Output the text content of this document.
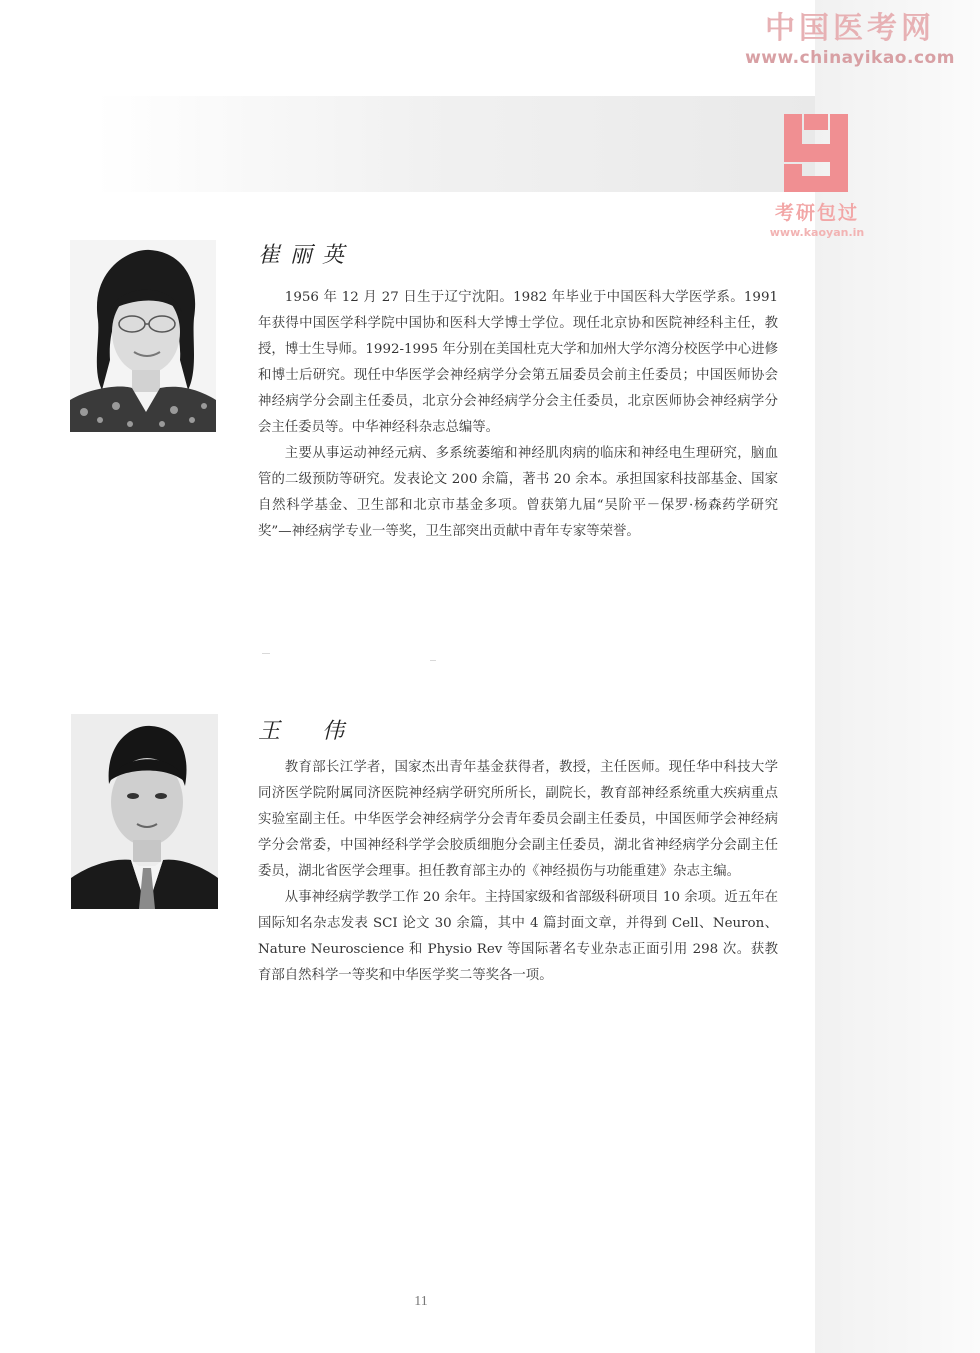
中国医考网
www.chinayikao.com
考研包过
www.kaoyan.in
崔丽英

1956 年 12 月 27 日生于辽宁沈阳。1982 年毕业于中国医科大学医学系。1991 年获得中国医学科学院中国协和医科大学博士学位。现任北京协和医院神经科主任，教授，博士生导师。1992-1995 年分别在美国杜克大学和加州大学尔湾分校医学中心进修和博士后研究。现任中华医学会神经病学分会第五届委员会前主任委员；中国医师协会神经病学分会副主任委员，北京分会神经病学分会主任委员，北京医师协会神经病学分会主任委员等。中华神经科杂志总编等。

主要从事运动神经元病、多系统萎缩和神经肌肉病的临床和神经电生理研究，脑血管的二级预防等研究。发表论文 200 余篇，著书 20 余本。承担国家科技部基金、国家自然科学基金、卫生部和北京市基金多项。曾获第九届“吴阶平－保罗·杨森药学研究奖”—神经病学专业一等奖，卫生部突出贡献中青年专家等荣誉。

王　伟

教育部长江学者，国家杰出青年基金获得者，教授，主任医师。现任华中科技大学同济医学院附属同济医院神经病学研究所所长，副院长，教育部神经系统重大疾病重点实验室副主任。中华医学会神经病学分会青年委员会副主任委员，中国医师学会神经病学分会常委，中国神经科学学会胶质细胞分会副主任委员，湖北省神经病学分会副主任委员，湖北省医学会理事。担任教育部主办的《神经损伤与功能重建》杂志主编。

从事神经病学教学工作 20 余年。主持国家级和省部级科研项目 10 余项。近五年在国际知名杂志发表 SCI 论文 30 余篇，其中 4 篇封面文章，并得到 Cell、Neuron、Nature Neuroscience 和 Physio Rev 等国际著名专业杂志正面引用 298 次。获教育部自然科学一等奖和中华医学奖二等奖各一项。

11
